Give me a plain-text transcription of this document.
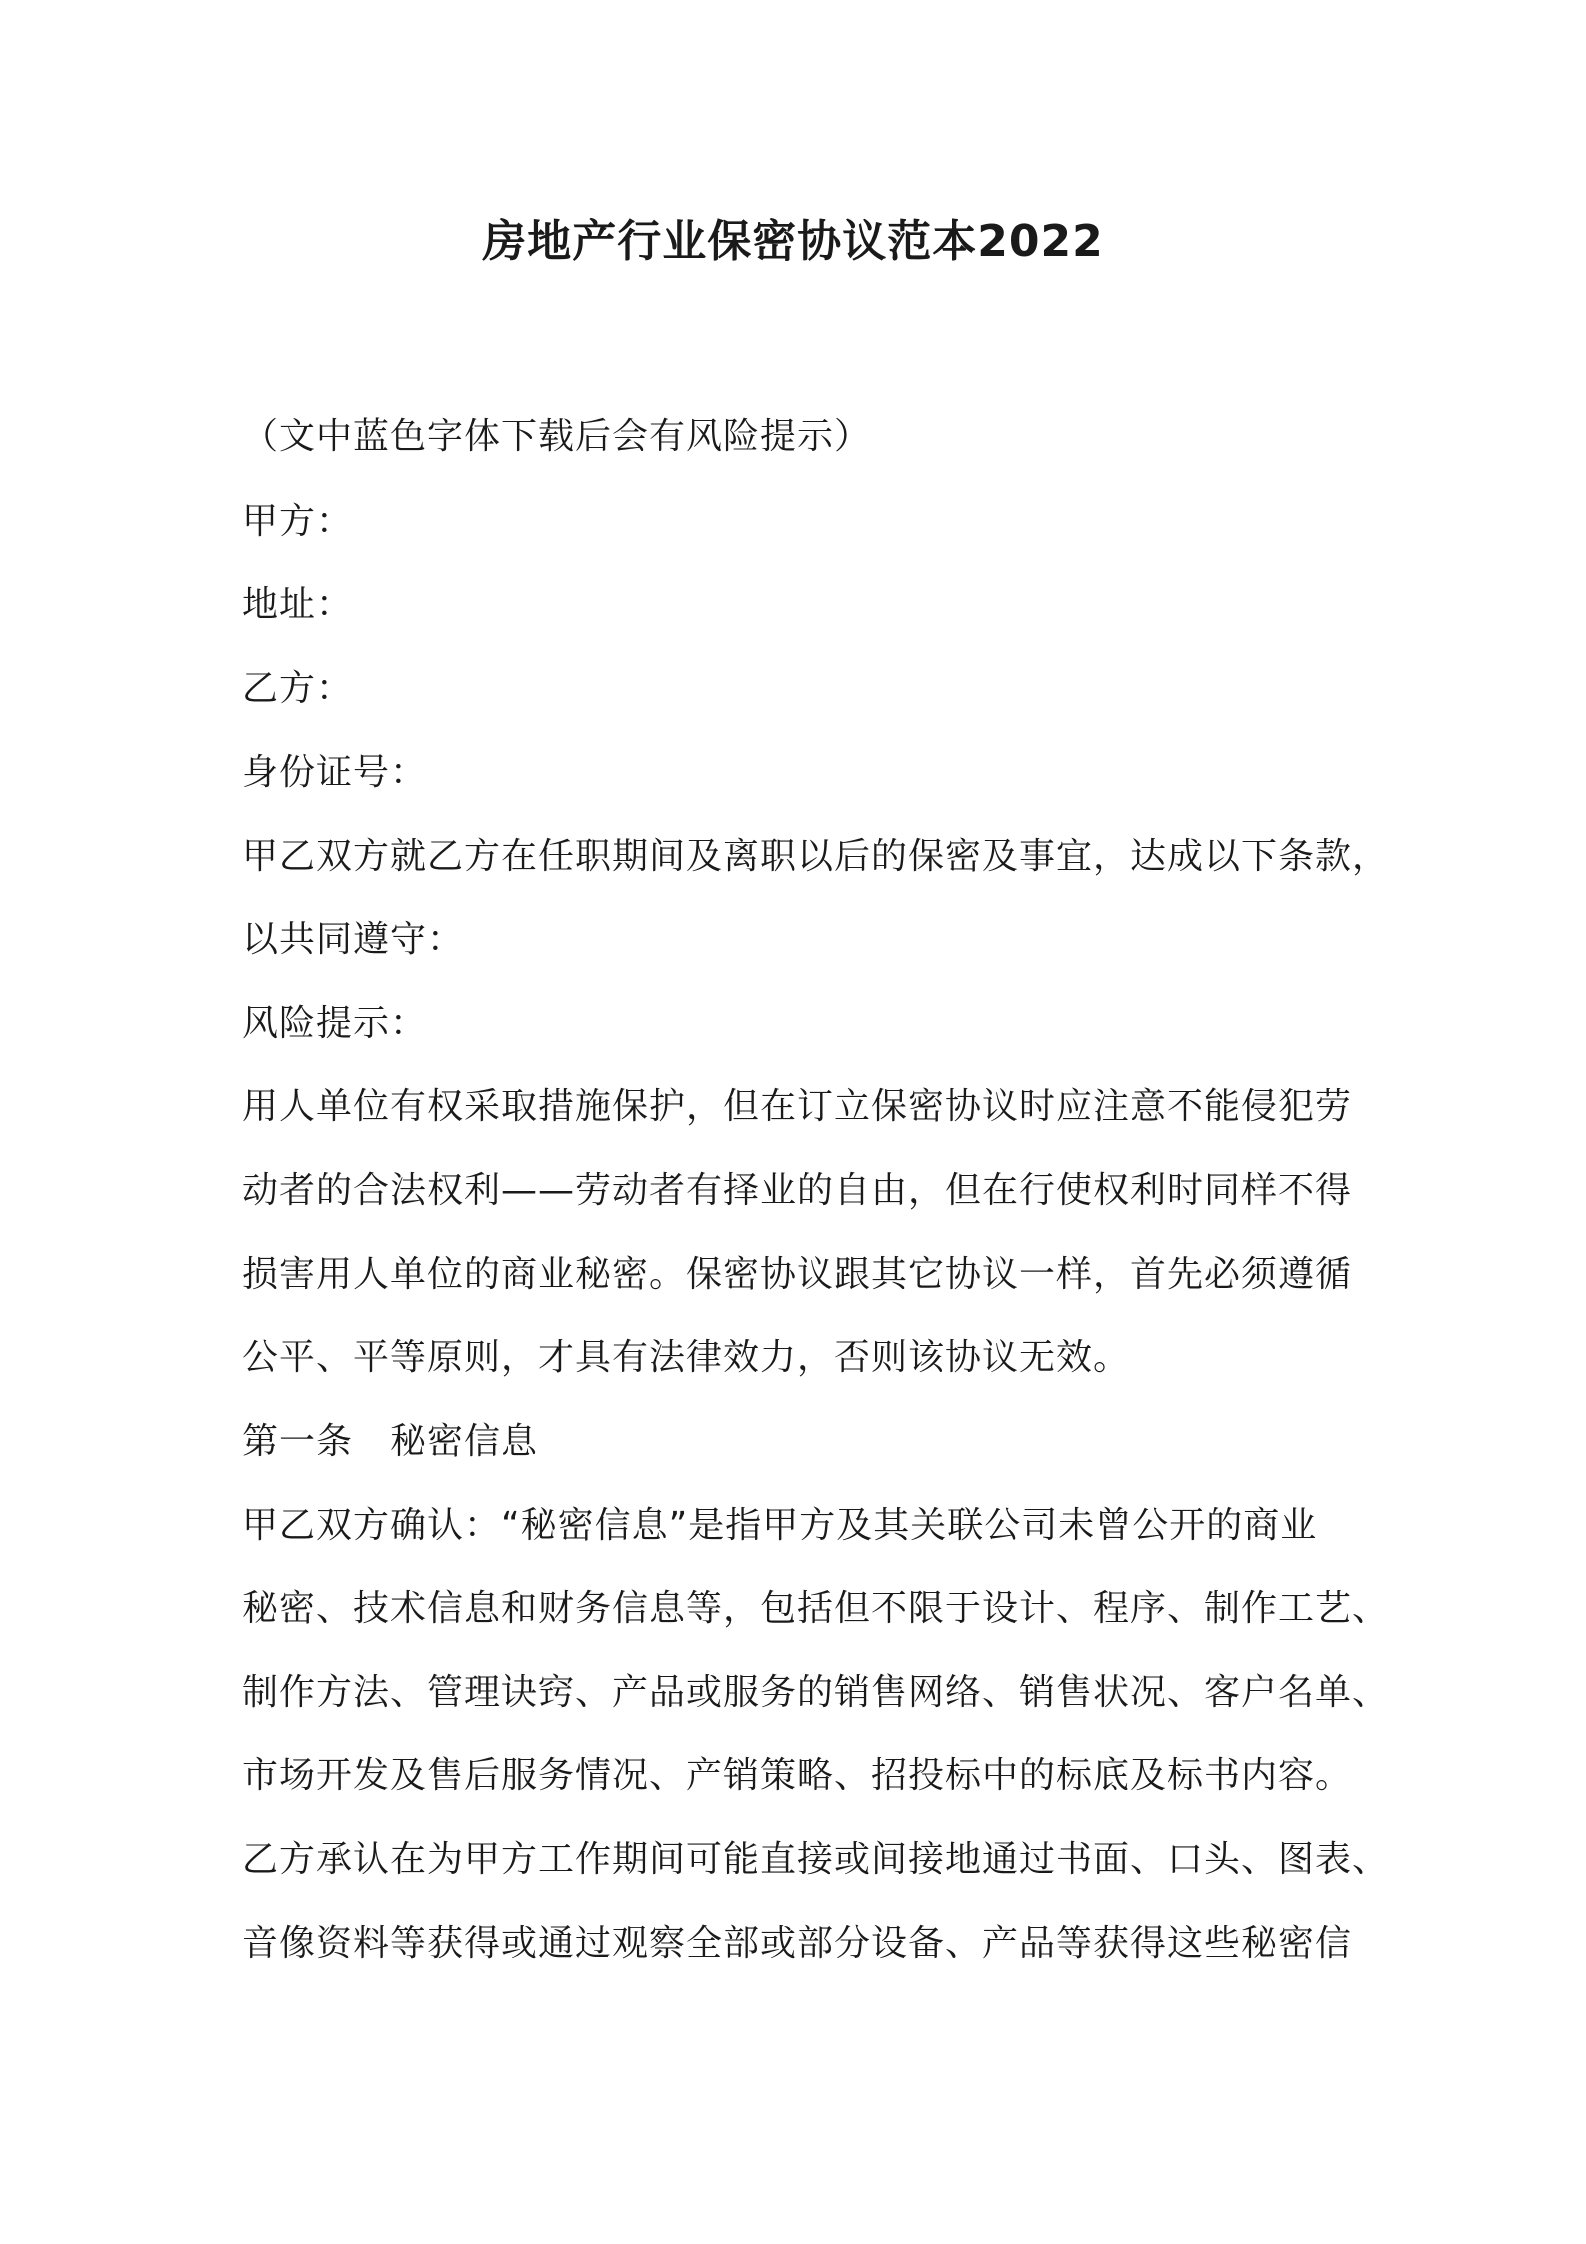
房地产行业保密协议范本2022
（文中蓝色字体下载后会有风险提示）
甲方：
地址：
乙方：
身份证号：
甲乙双方就乙方在任职期间及离职以后的保密及事宜，达成以下条款，
以共同遵守：
风险提示：
用人单位有权采取措施保护，但在订立保密协议时应注意不能侵犯劳
动者的合法权利——劳动者有择业的自由，但在行使权利时同样不得
损害用人单位的商业秘密。保密协议跟其它协议一样，首先必须遵循
公平、平等原则，才具有法律效力，否则该协议无效。
第一条　秘密信息
甲乙双方确认：“秘密信息”是指甲方及其关联公司未曾公开的商业
秘密、技术信息和财务信息等，包括但不限于设计、程序、制作工艺、
制作方法、管理诀窍、产品或服务的销售网络、销售状况、客户名单、
市场开发及售后服务情况、产销策略、招投标中的标底及标书内容。
乙方承认在为甲方工作期间可能直接或间接地通过书面、口头、图表、
音像资料等获得或通过观察全部或部分设备、产品等获得这些秘密信
